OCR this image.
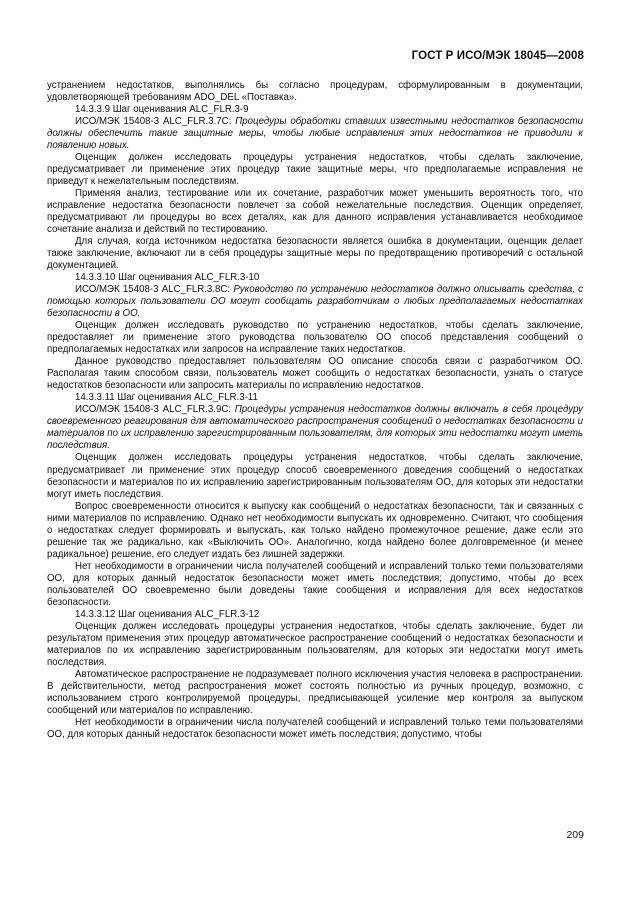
ГОСТ Р ИСО/МЭК 18045—2008

устранением недостатков, выполнялись бы согласно процедурам, сформулированным в документации, удовлетворяющей требованиям ADO_DEL «Поставка».

14.3.3.9 Шаг оценивания ALC_FLR.3-9

ИСО/МЭК 15408-3 ALC_FLR.3.7C: Процедуры обработки ставших известными недостатков безопасности должны обеспечить такие защитные меры, чтобы любые исправления этих недостатков не приводили к появлению новых.

Оценщик должен исследовать процедуры устранения недостатков, чтобы сделать заключение, предусматривает ли применение этих процедур такие защитные меры, что предполагаемые исправления не приведут к нежелательным последствиям.

Применяя анализ, тестирование или их сочетание, разработчик может уменьшить вероятность того, что исправление недостатка безопасности повлечет за собой нежелательные последствия. Оценщик определяет, предусматривают ли процедуры во всех деталях, как для данного исправления устанавливается необходимое сочетание анализа и действий по тестированию.

Для случая, когда источником недостатка безопасности является ошибка в документации, оценщик делает также заключение, включают ли в себя процедуры защитные меры по предотвращению противоречий с остальной документацией.

14.3.3.10 Шаг оценивания ALC_FLR.3-10

ИСО/МЭК 15408-3 ALC_FLR.3.8C: Руководство по устранению недостатков должно описывать средства, с помощью которых пользователи ОО могут сообщать разработчикам о любых предполагаемых недостатках безопасности в ОО.

Оценщик должен исследовать руководство по устранению недостатков, чтобы сделать заключение, предоставляет ли применение этого руководства пользователю ОО способ представления сообщений о предполагаемых недостатках или запросов на исправление таких недостатков.

Данное руководство предоставляет пользователям ОО описание способа связи с разработчиком ОО. Располагая таким способом связи, пользователь может сообщить о недостатках безопасности, узнать о статусе недостатков безопасности или запросить материалы по исправлению недостатков.

14.3.3.11 Шаг оценивания ALC_FLR.3-11

ИСО/МЭК 15408-3 ALC_FLR.3.9C: Процедуры устранения недостатков должны включать в себя процедуру своевременного реагирования для автоматического распространения сообщений о недостатках безопасности и материалов по их исправлению зарегистрированным пользователям, для которых эти недостатки могут иметь последствия.

Оценщик должен исследовать процедуры устранения недостатков, чтобы сделать заключение, предусматривает ли применение этих процедур способ своевременного доведения сообщений о недостатках безопасности и материалов по их исправлению зарегистрированным пользователям ОО, для которых эти недостатки могут иметь последствия.

Вопрос своевременности относится к выпуску как сообщений о недостатках безопасности, так и связанных с ними материалов по исправлению. Однако нет необходимости выпускать их одновременно. Считают, что сообщения о недостатках следует формировать и выпускать, как только найдено промежуточное решение, даже если это решение так же радикально, как «Выключить ОО». Аналогично, когда найдено более долговременное (и менее радикальное) решение, его следует издать без лишней задержки.

Нет необходимости в ограничении числа получателей сообщений и исправлений только теми пользователями ОО, для которых данный недостаток безопасности может иметь последствия; допустимо, чтобы до всех пользователей ОО своевременно были доведены такие сообщения и исправления для всех недостатков безопасности.

14.3.3.12 Шаг оценивания ALC_FLR.3-12

Оценщик должен исследовать процедуры устранения недостатков, чтобы сделать заключение, будет ли результатом применения этих процедур автоматическое распространение сообщений о недостатках безопасности и материалов по их исправлению зарегистрированным пользователям, для которых эти недостатки могут иметь последствия.

Автоматическое распространение не подразумевает полного исключения участия человека в распространении. В действительности, метод распространения может состоять полностью из ручных процедур, возможно, с использованием строго контролируемой процедуры, предписывающей усиление мер контроля за выпуском сообщений или материалов по исправлению.

Нет необходимости в ограничении числа получателей сообщений и исправлений только теми пользователями ОО, для которых данный недостаток безопасности может иметь последствия; допустимо, чтобы

209
